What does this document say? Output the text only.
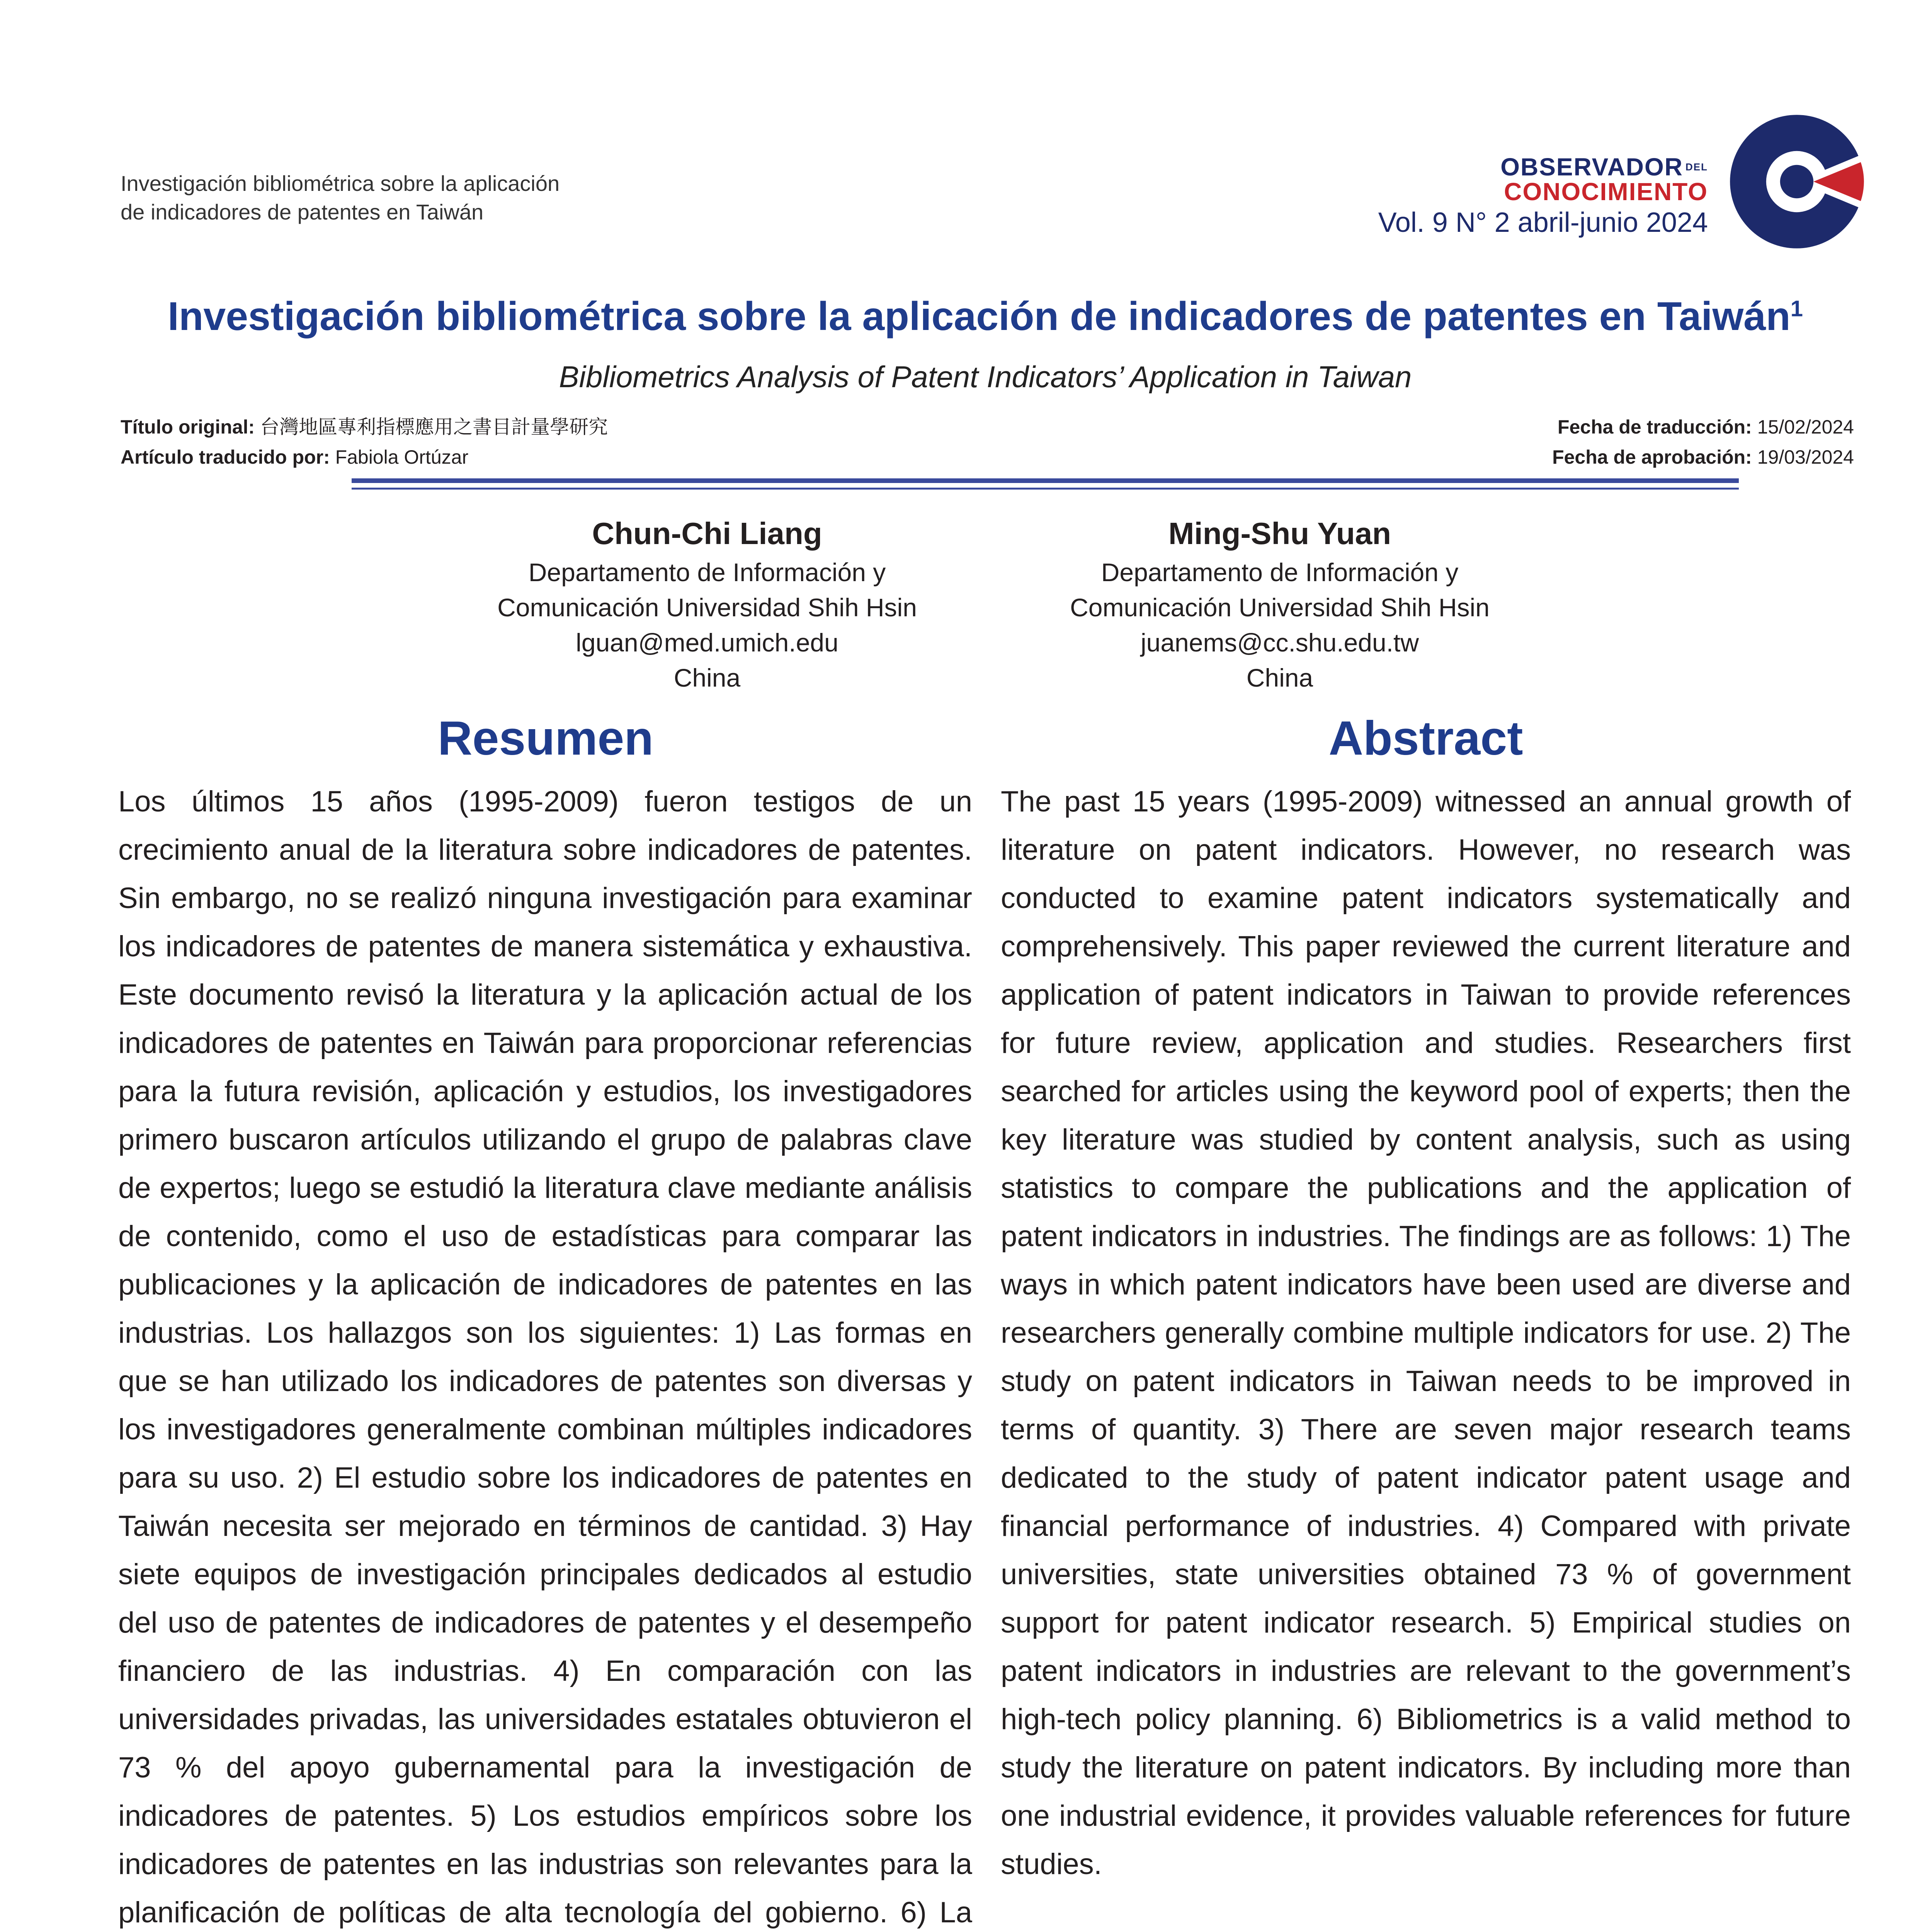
Investigación bibliométrica sobre la aplicación
de indicadores de patentes en Taiwán
OBSERVADOR $^{DEL}$
CONOCIMIENTO
Vol. 9 N° 2 abril-junio 2024
Investigación bibliométrica sobre la aplicación de indicadores de patentes en Taiwán$^1$
Bibliometrics Analysis of Patent Indicators’ Application in Taiwan
Título original: 台灣地區專利指標應用之書目計量學研究
Artículo traducido por: Fabiola Ortúzar
Fecha de traducción: 15/02/2024
Fecha de aprobación: 19/03/2024
Chun-Chi Liang
Departamento de Información y
Comunicación Universidad Shih Hsin
lguan@med.umich.edu
China
Ming-Shu Yuan
Departamento de Información y
Comunicación Universidad Shih Hsin
juanems@cc.shu.edu.tw
China
Resumen	Abstract
Los últimos 15 años (1995-2009) fueron testigos de un crecimiento anual de la literatura sobre indicadores de patentes. Sin embargo, no se realizó ninguna investigación para examinar los indicadores de patentes de manera sistemática y exhaustiva. Este documento revisó la literatura y la aplicación actual de los indicadores de patentes en Taiwán para proporcionar referencias para la futura revisión, aplicación y estudios, los investigadores primero buscaron artículos utilizando el grupo de palabras clave de expertos; luego se estudió la literatura clave mediante análisis de contenido, como el uso de estadísticas para comparar las publicaciones y la aplicación de indicadores de patentes en las industrias. Los hallazgos son los siguientes: 1) Las formas en que se han utilizado los indicadores de patentes son diversas y los investigadores generalmente combinan múltiples indicadores para su uso. 2) El estudio sobre los indicadores de patentes en Taiwán necesita ser mejorado en términos de cantidad. 3) Hay siete equipos de investigación principales dedicados al estudio del uso de patentes de indicadores de patentes y el desempeño financiero de las industrias. 4) En comparación con las universidades privadas, las universidades estatales obtuvieron el 73 % del apoyo gubernamental para la investigación de indicadores de patentes. 5) Los estudios empíricos sobre los indicadores de patentes en las industrias son relevantes para la planificación de políticas de alta tecnología del gobierno. 6) La
The past 15 years (1995-2009) witnessed an annual growth of literature on patent indicators. However, no research was conducted to examine patent indicators systematically and comprehensively. This paper reviewed the current literature and application of patent indicators in Taiwan to provide references for future review, application and studies. Researchers first searched for articles using the keyword pool of experts; then the key literature was studied by content analysis, such as using statistics to compare the publications and the application of patent indicators in industries. The findings are as follows: 1) The ways in which patent indicators have been used are diverse and researchers generally combine multiple indicators for use. 2) The study on patent indicators in Taiwan needs to be improved in terms of quantity. 3) There are seven major research teams dedicated to the study of patent indicator patent usage and financial performance of industries. 4) Compared with private universities, state universities obtained 73 % of government support for patent indicator research. 5) Empirical studies on patent indicators in industries are relevant to the government’s high-tech policy planning. 6) Bibliometrics is a valid method to study the literature on patent indicators. By including more than one industrial evidence, it provides valuable references for future studies.
